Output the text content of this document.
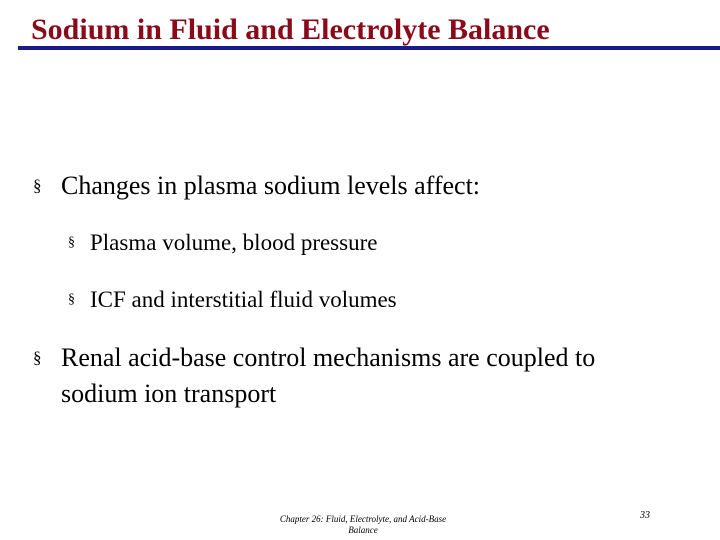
Sodium in Fluid and Electrolyte Balance
§ Changes in plasma sodium levels affect:
§ Plasma volume, blood pressure
§ ICF and interstitial fluid volumes
§ Renal acid-base control mechanisms are coupled to
sodium ion transport
Chapter 26: Fluid, Electrolyte, and Acid-Base
Balance
33
